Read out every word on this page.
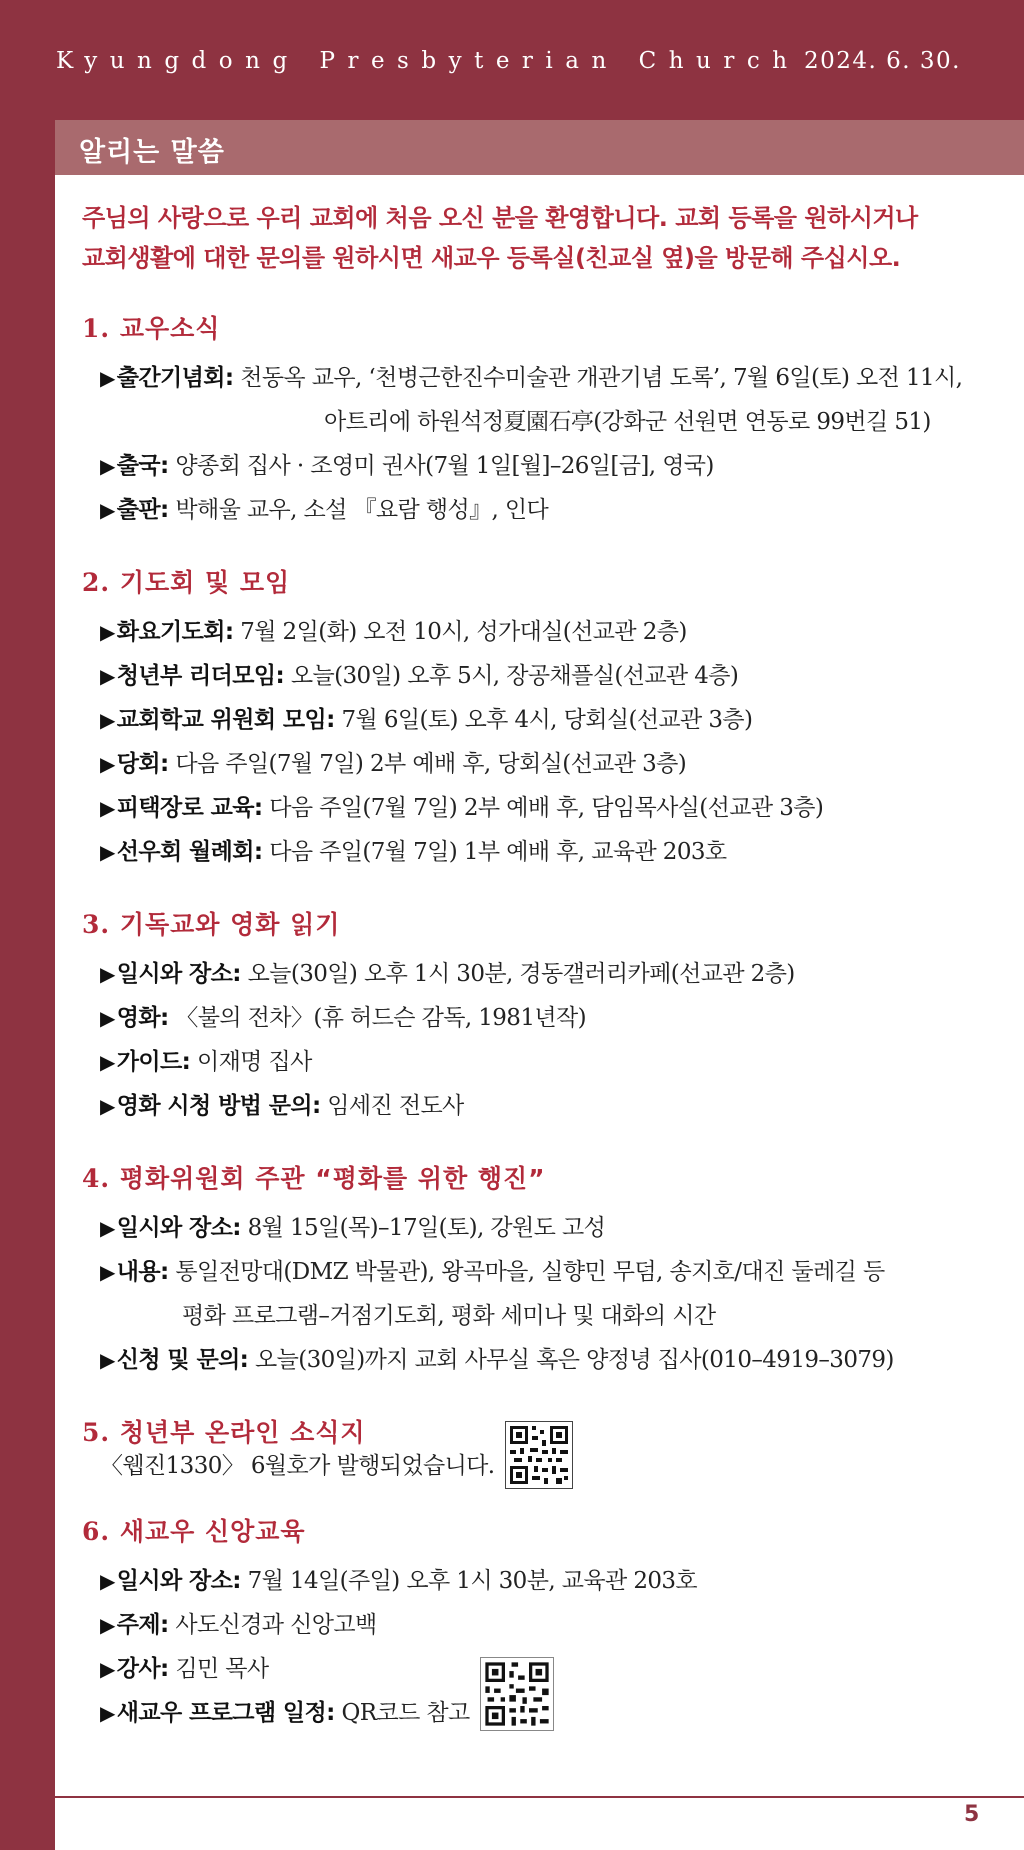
Kyungdong Presbyterian Church 2024. 6. 30.
알리는 말씀

주님의 사랑으로 우리 교회에 처음 오신 분을 환영합니다. 교회 등록을 원하시거나
교회생활에 대한 문의를 원하시면 새교우 등록실(친교실 옆)을 방문해 주십시오.

1. 교우소식
▶출간기념회: 천동옥 교우, ‘천병근한진수미술관 개관기념 도록’, 7월 6일(토) 오전 11시,
아트리에 하원석정夏園石亭(강화군 선원면 연동로 99번길 51)
▶출국: 양종회 집사 · 조영미 권사(7월 1일[월]–26일[금], 영국)
▶출판: 박해울 교우, 소설 『요람 행성』, 인다
2. 기도회 및 모임
▶화요기도회: 7월 2일(화) 오전 10시, 성가대실(선교관 2층)
▶청년부 리더모임: 오늘(30일) 오후 5시, 장공채플실(선교관 4층)
▶교회학교 위원회 모임: 7월 6일(토) 오후 4시, 당회실(선교관 3층)
▶당회: 다음 주일(7월 7일) 2부 예배 후, 당회실(선교관 3층)
▶피택장로 교육: 다음 주일(7월 7일) 2부 예배 후, 담임목사실(선교관 3층)
▶선우회 월례회: 다음 주일(7월 7일) 1부 예배 후, 교육관 203호
3. 기독교와 영화 읽기
▶일시와 장소: 오늘(30일) 오후 1시 30분, 경동갤러리카페(선교관 2층)
▶영화: 〈불의 전차〉(휴 허드슨 감독, 1981년작)
▶가이드: 이재명 집사
▶영화 시청 방법 문의: 임세진 전도사
4. 평화위원회 주관 “평화를 위한 행진”
▶일시와 장소: 8월 15일(목)–17일(토), 강원도 고성
▶내용: 통일전망대(DMZ 박물관), 왕곡마을, 실향민 무덤, 송지호/대진 둘레길 등
평화 프로그램–거점기도회, 평화 세미나 및 대화의 시간
▶신청 및 문의: 오늘(30일)까지 교회 사무실 혹은 양정녕 집사(010–4919–3079)
5. 청년부 온라인 소식지
〈웹진1330〉 6월호가 발행되었습니다.
6. 새교우 신앙교육
▶일시와 장소: 7월 14일(주일) 오후 1시 30분, 교육관 203호
▶주제: 사도신경과 신앙고백
▶강사: 김민 목사
▶새교우 프로그램 일정: QR코드 참고
5
